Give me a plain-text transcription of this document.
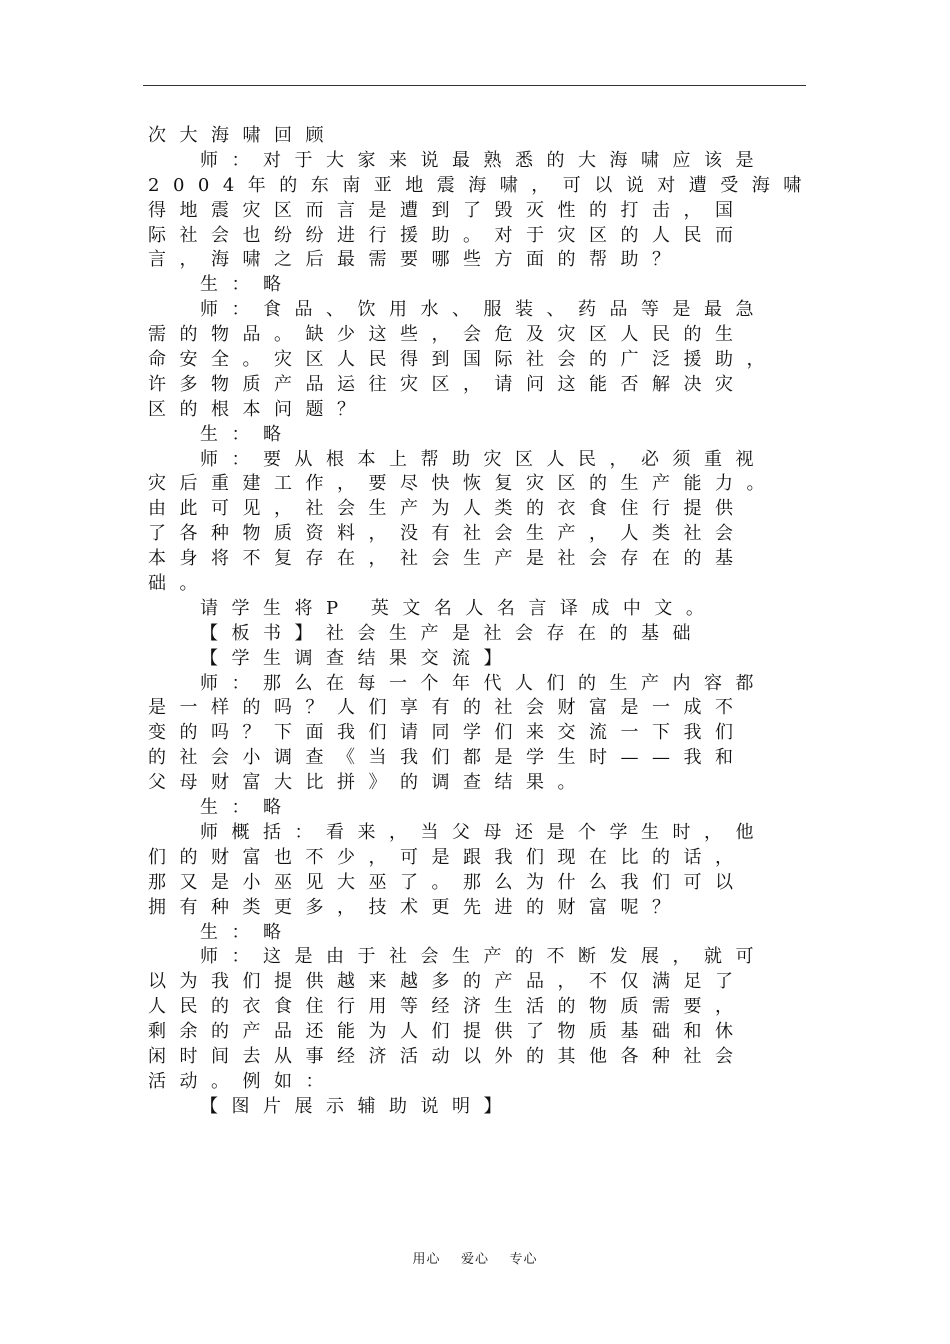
次大海啸回顾
师：对于大家来说最熟悉的大海啸应该是
2004年的东南亚地震海啸，可以说对遭受海啸
得地震灾区而言是遭到了毁灭性的打击，国
际社会也纷纷进行援助。对于灾区的人民而
言，海啸之后最需要哪些方面的帮助？
生：略
师：食品、饮用水、服装、药品等是最急
需的物品。缺少这些，会危及灾区人民的生
命安全。灾区人民得到国际社会的广泛援助，
许多物质产品运往灾区，请问这能否解决灾
区的根本问题？
生：略
师：要从根本上帮助灾区人民，必须重视
灾后重建工作，要尽快恢复灾区的生产能力。
由此可见，社会生产为人类的衣食住行提供
了各种物质资料，没有社会生产，人类社会
本身将不复存在，社会生产是社会存在的基
础。
请学生将P 英文名人名言译成中文。
【板书】社会生产是社会存在的基础
【学生调查结果交流】
师：那么在每一个年代人们的生产内容都
是一样的吗？人们享有的社会财富是一成不
变的吗？下面我们请同学们来交流一下我们
的社会小调查《当我们都是学生时——我和
父母财富大比拼》的调查结果。
生：略
师概括：看来，当父母还是个学生时，他
们的财富也不少，可是跟我们现在比的话，
那又是小巫见大巫了。那么为什么我们可以
拥有种类更多，技术更先进的财富呢？
生：略
师：这是由于社会生产的不断发展，就可
以为我们提供越来越多的产品，不仅满足了
人民的衣食住行用等经济生活的物质需要，
剩余的产品还能为人们提供了物质基础和休
闲时间去从事经济活动以外的其他各种社会
活动。例如：
【图片展示辅助说明】
用心    爱心    专心
